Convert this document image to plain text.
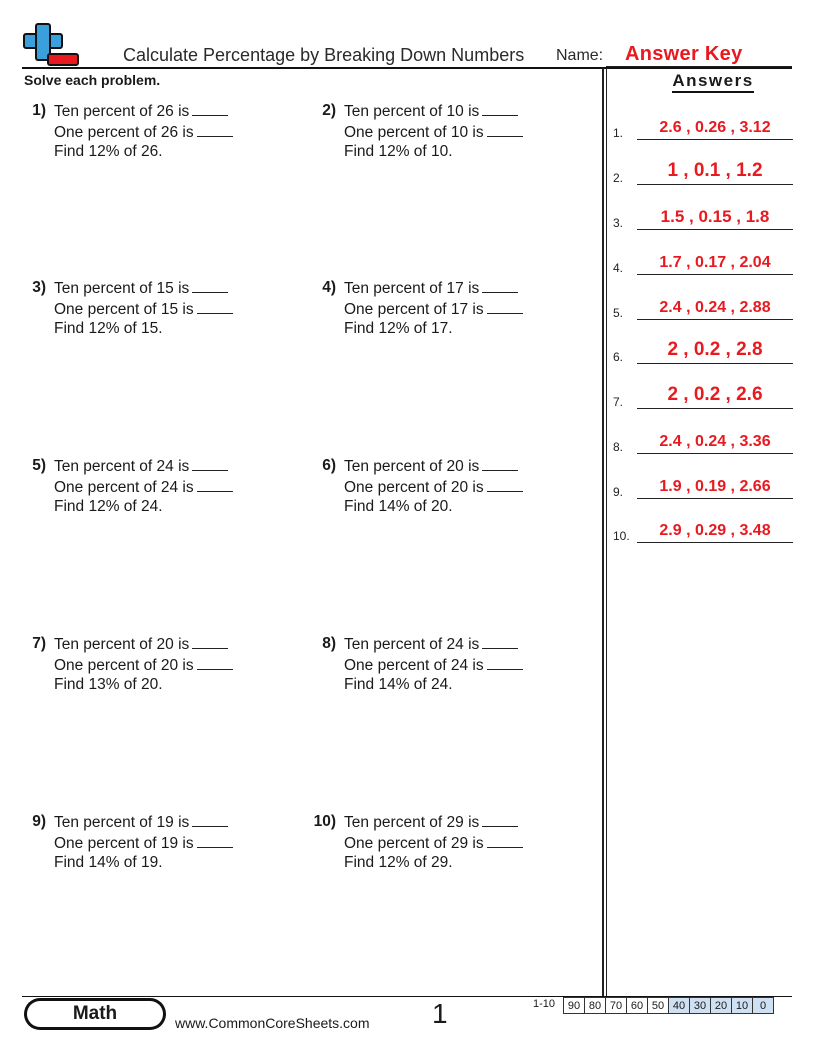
Calculate Percentage by Breaking Down Numbers Name: Answer Key
Solve each problem.
1) Ten percent of 26 is
One percent of 26 is
Find 12% of 26.
2) Ten percent of 10 is
One percent of 10 is
Find 12% of 10.
3) Ten percent of 15 is
One percent of 15 is
Find 12% of 15.
4) Ten percent of 17 is
One percent of 17 is
Find 12% of 17.
5) Ten percent of 24 is
One percent of 24 is
Find 12% of 24.
6) Ten percent of 20 is
One percent of 20 is
Find 14% of 20.
7) Ten percent of 20 is
One percent of 20 is
Find 13% of 20.
8) Ten percent of 24 is
One percent of 24 is
Find 14% of 24.
9) Ten percent of 19 is
One percent of 19 is
Find 14% of 19.
10) Ten percent of 29 is
One percent of 29 is
Find 12% of 29.
Answers
1.	2.6 , 0.26 , 3.12
2.	1 , 0.1 , 1.2
3.	1.5 , 0.15 , 1.8
4.	1.7 , 0.17 , 2.04
5.	2.4 , 0.24 , 2.88
6.	2 , 0.2 , 2.8
7.	2 , 0.2 , 2.6
8.	2.4 , 0.24 , 3.36
9.	1.9 , 0.19 , 2.66
10.	2.9 , 0.29 , 3.48
Math	www.CommonCoreSheets.com 1	1-10 90	80	70	60	50	40	30	20	10	0
